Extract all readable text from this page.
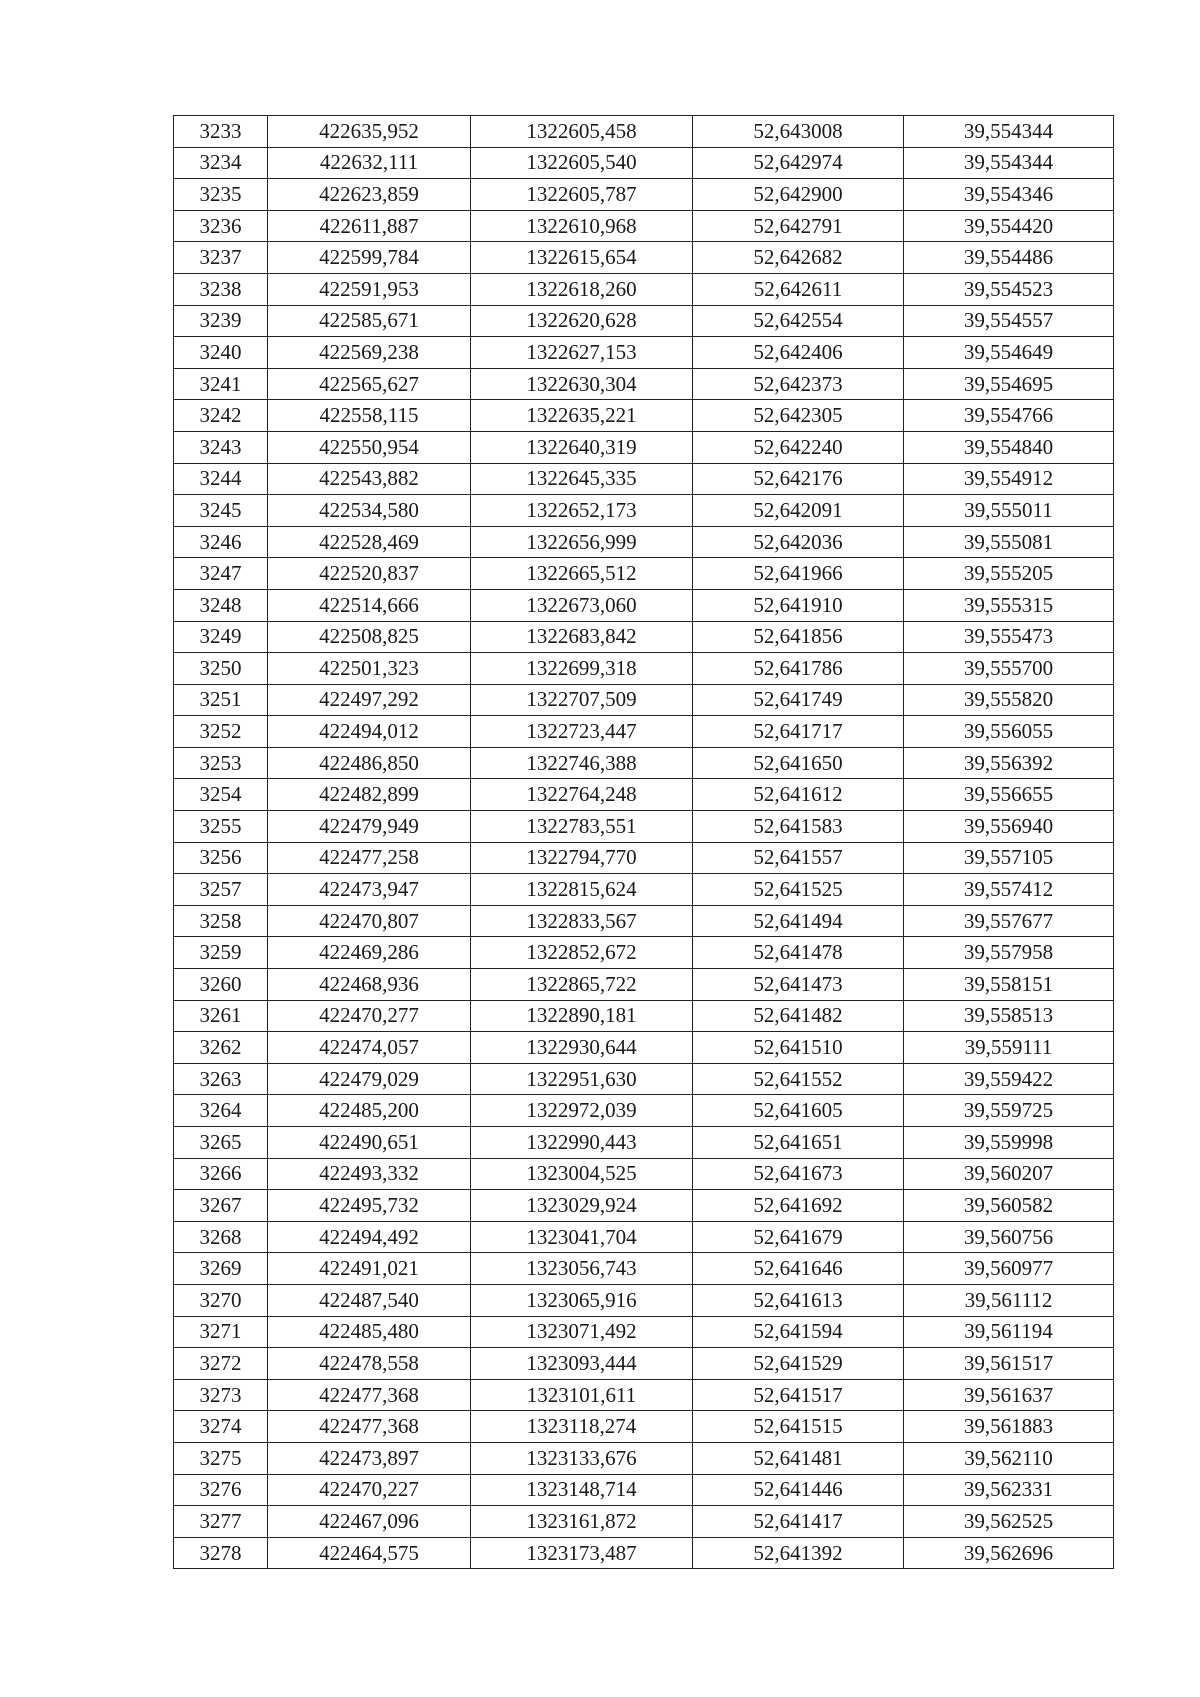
3233	422635,952	1322605,458	52,643008	39,554344
3234	422632,111	1322605,540	52,642974	39,554344
3235	422623,859	1322605,787	52,642900	39,554346
3236	422611,887	1322610,968	52,642791	39,554420
3237	422599,784	1322615,654	52,642682	39,554486
3238	422591,953	1322618,260	52,642611	39,554523
3239	422585,671	1322620,628	52,642554	39,554557
3240	422569,238	1322627,153	52,642406	39,554649
3241	422565,627	1322630,304	52,642373	39,554695
3242	422558,115	1322635,221	52,642305	39,554766
3243	422550,954	1322640,319	52,642240	39,554840
3244	422543,882	1322645,335	52,642176	39,554912
3245	422534,580	1322652,173	52,642091	39,555011
3246	422528,469	1322656,999	52,642036	39,555081
3247	422520,837	1322665,512	52,641966	39,555205
3248	422514,666	1322673,060	52,641910	39,555315
3249	422508,825	1322683,842	52,641856	39,555473
3250	422501,323	1322699,318	52,641786	39,555700
3251	422497,292	1322707,509	52,641749	39,555820
3252	422494,012	1322723,447	52,641717	39,556055
3253	422486,850	1322746,388	52,641650	39,556392
3254	422482,899	1322764,248	52,641612	39,556655
3255	422479,949	1322783,551	52,641583	39,556940
3256	422477,258	1322794,770	52,641557	39,557105
3257	422473,947	1322815,624	52,641525	39,557412
3258	422470,807	1322833,567	52,641494	39,557677
3259	422469,286	1322852,672	52,641478	39,557958
3260	422468,936	1322865,722	52,641473	39,558151
3261	422470,277	1322890,181	52,641482	39,558513
3262	422474,057	1322930,644	52,641510	39,559111
3263	422479,029	1322951,630	52,641552	39,559422
3264	422485,200	1322972,039	52,641605	39,559725
3265	422490,651	1322990,443	52,641651	39,559998
3266	422493,332	1323004,525	52,641673	39,560207
3267	422495,732	1323029,924	52,641692	39,560582
3268	422494,492	1323041,704	52,641679	39,560756
3269	422491,021	1323056,743	52,641646	39,560977
3270	422487,540	1323065,916	52,641613	39,561112
3271	422485,480	1323071,492	52,641594	39,561194
3272	422478,558	1323093,444	52,641529	39,561517
3273	422477,368	1323101,611	52,641517	39,561637
3274	422477,368	1323118,274	52,641515	39,561883
3275	422473,897	1323133,676	52,641481	39,562110
3276	422470,227	1323148,714	52,641446	39,562331
3277	422467,096	1323161,872	52,641417	39,562525
3278	422464,575	1323173,487	52,641392	39,562696
